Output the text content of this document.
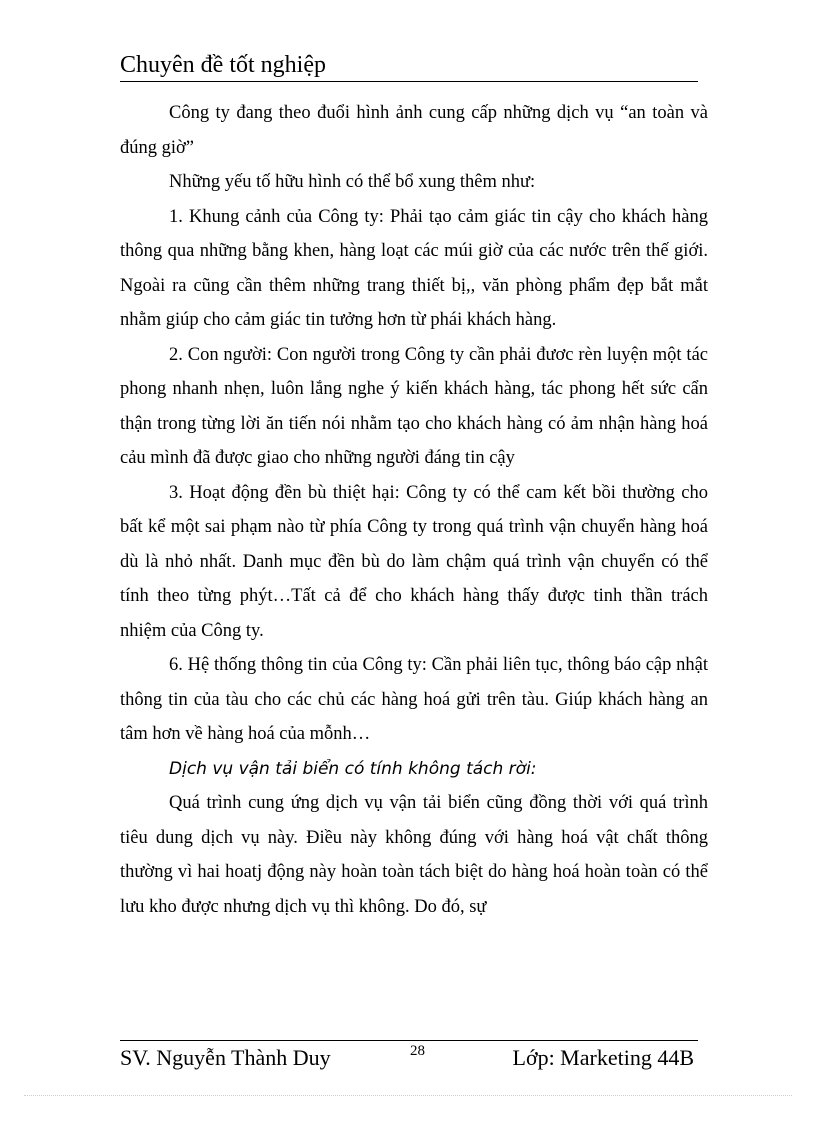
Chuyên đề tốt nghiệp

Công ty đang theo đuổi hình ảnh cung cấp những dịch vụ “an toàn và đúng giờ”

Những yếu tố hữu hình có thể bổ xung thêm như:

1. Khung cảnh của Công ty: Phải tạo cảm giác tin cậy cho khách hàng thông qua những bằng khen, hàng loạt các múi giờ của các nước trên thế giới. Ngoài ra cũng cần thêm những trang thiết bị,, văn phòng phẩm đẹp bắt mắt nhằm giúp cho cảm giác tin tưởng hơn từ phái khách hàng.

2. Con người: Con người trong Công ty cần phải đươc rèn luyện một tác phong nhanh nhẹn, luôn lắng nghe ý kiến khách hàng, tác phong hết sức cẩn thận trong từng lời ăn tiến nói nhằm tạo cho khách hàng có ảm nhận hàng hoá cảu mình đã được giao cho những người đáng tin cậy

3. Hoạt động đền bù thiệt hại: Công ty có thể cam kết bồi thường cho bất kể một sai phạm nào từ phía Công ty trong quá trình vận chuyển hàng hoá dù là nhỏ nhất. Danh mục đền bù do làm chậm quá trình vận chuyển có thể tính theo từng phýt…Tất cả để cho khách hàng thấy được tinh thần trách nhiệm của Công ty.

6. Hệ thống thông tin của Công ty: Cần phải liên tục, thông báo cập nhật thông tin của tàu cho các chủ các hàng hoá gửi trên tàu. Giúp khách hàng an tâm hơn về hàng hoá của mỗnh…

Dịch vụ vận tải biển có tính không tách rời:

Quá trình cung ứng dịch vụ vận tải biển cũng đồng thời với quá trình tiêu dung dịch vụ này. Điều này không đúng với hàng hoá vật chất thông thường vì hai hoatj động này hoàn toàn tách biệt do hàng hoá hoàn toàn có thể lưu kho được nhưng dịch vụ thì không. Do đó, sự

SV. Nguyễn Thành Duy	28	Lớp: Marketing 44B
